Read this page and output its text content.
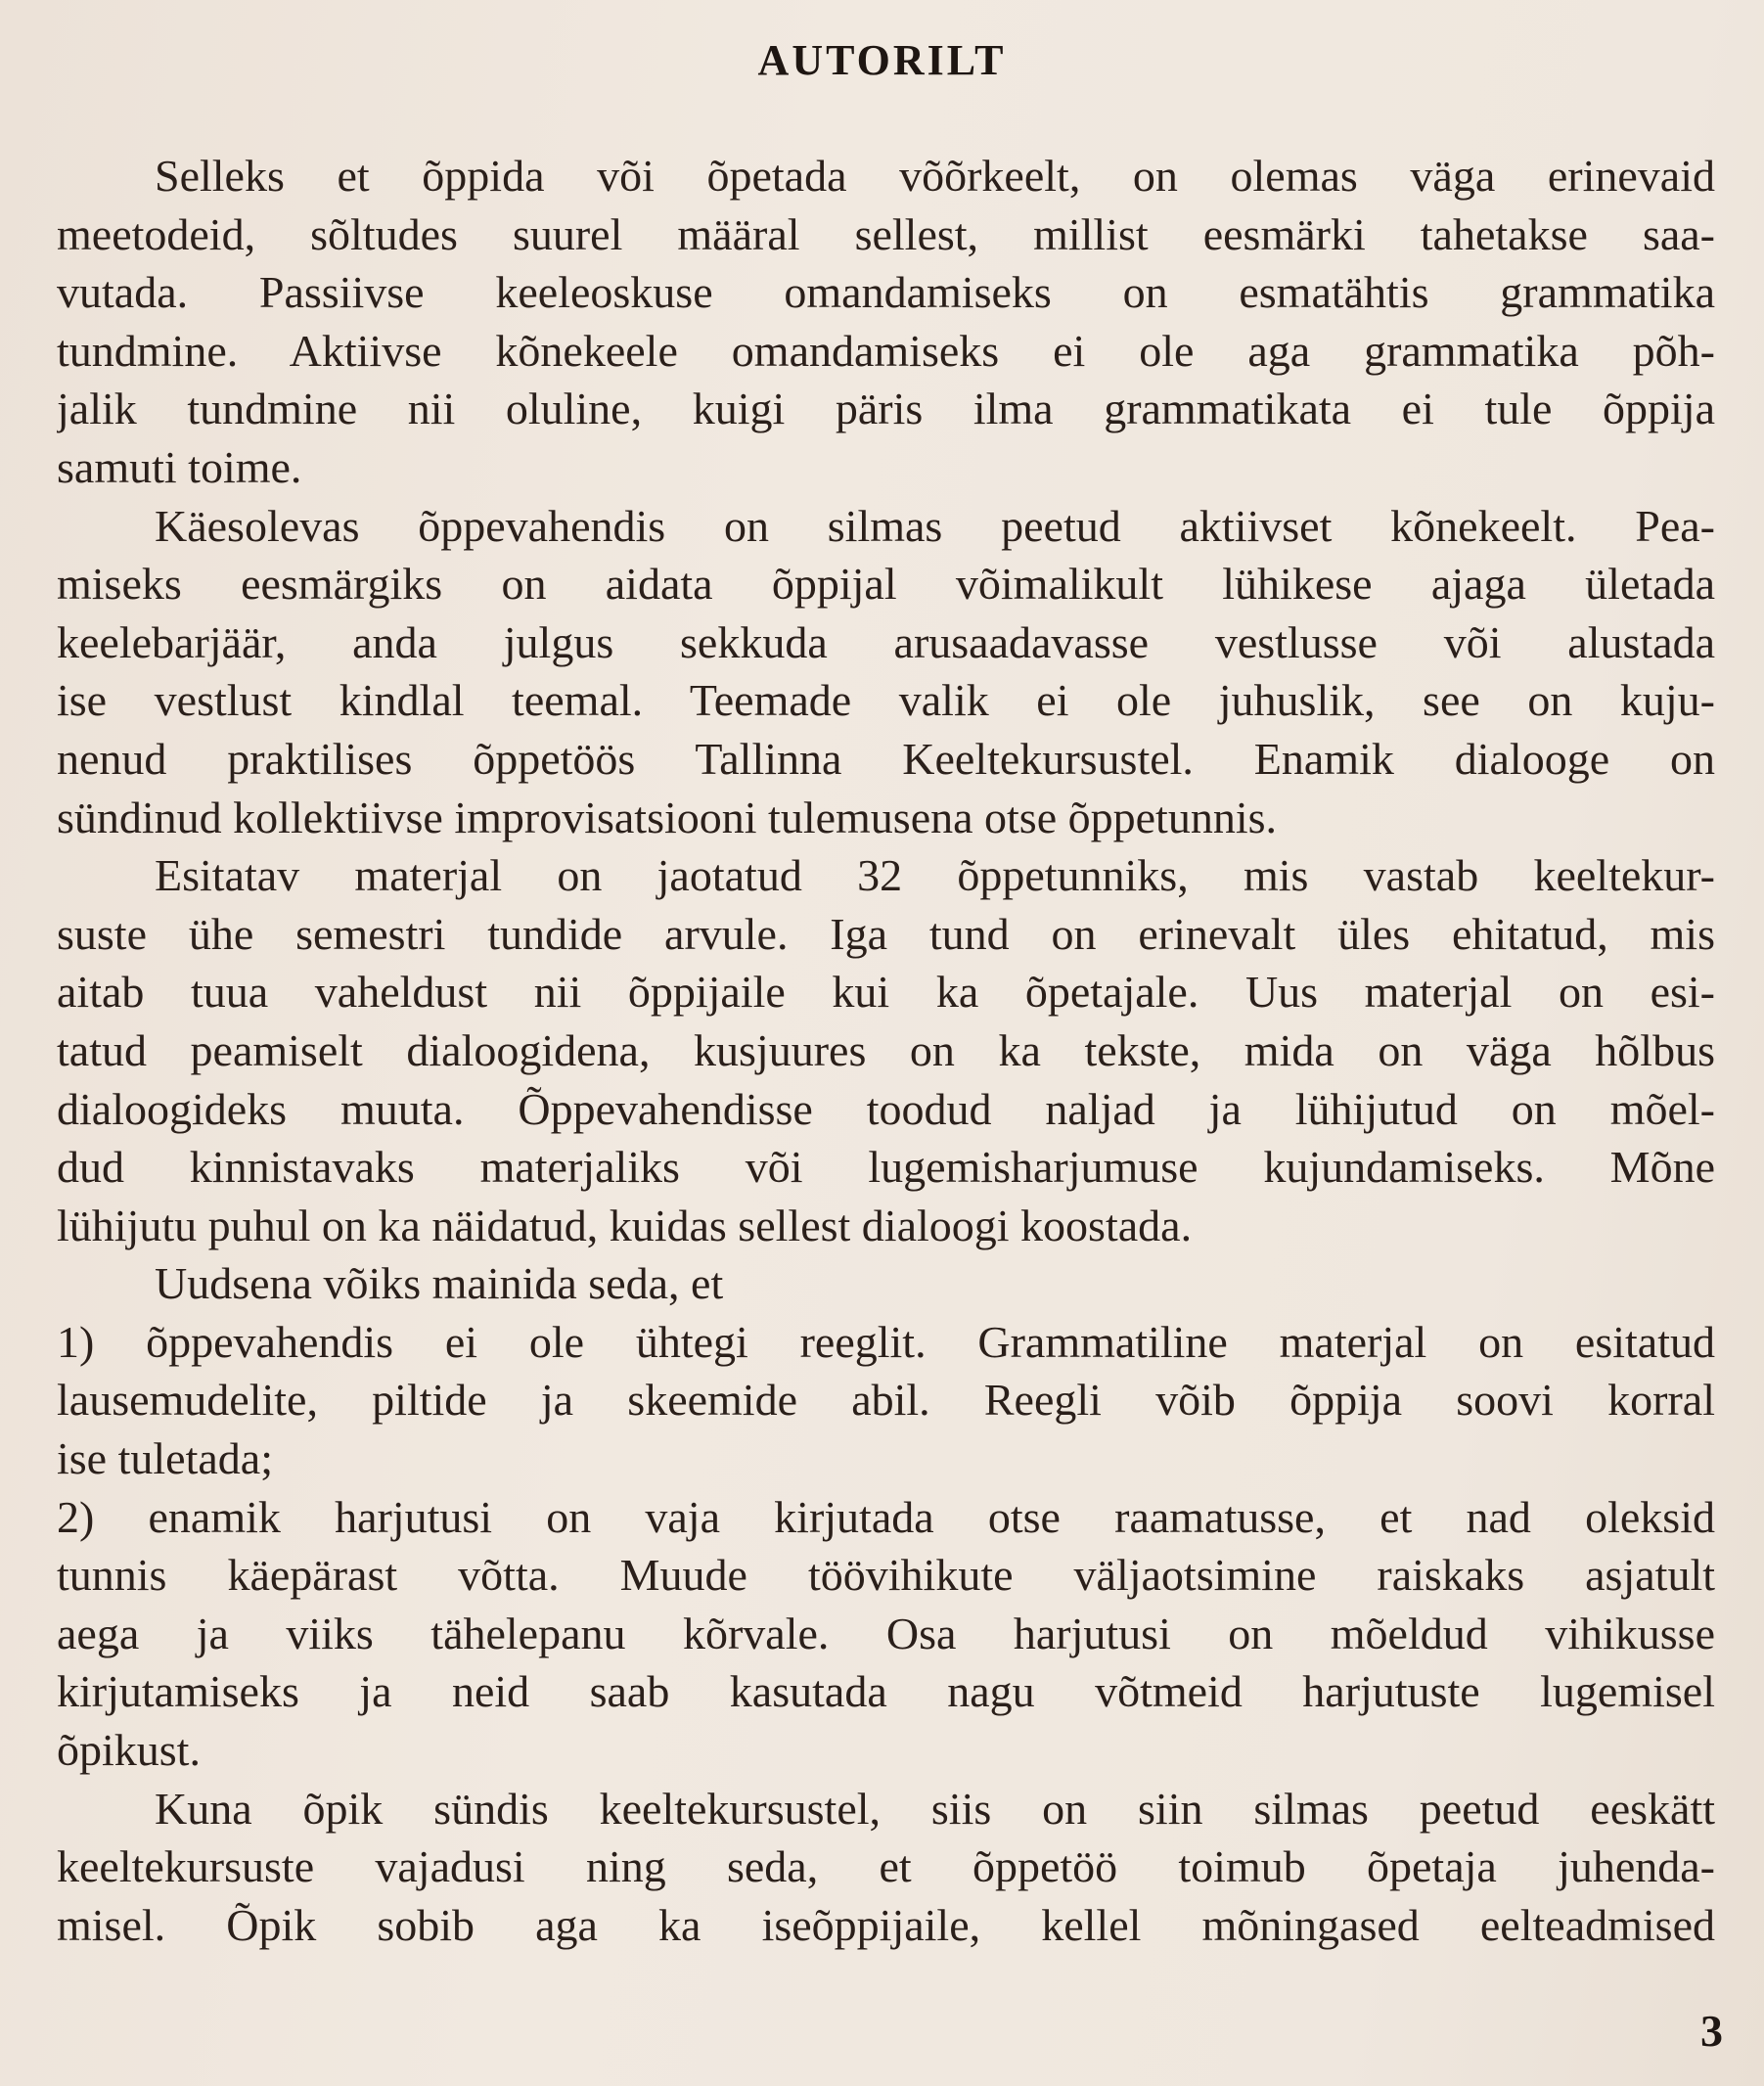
AUTORILT
Selleks et õppida või õpetada võõrkeelt, on olemas väga erinevaid
meetodeid, sõltudes suurel määral sellest, millist eesmärki tahetakse saa-
vutada. Passiivse keeleoskuse omandamiseks on esmatähtis grammatika
tundmine. Aktiivse kõnekeele omandamiseks ei ole aga grammatika põh-
jalik tundmine nii oluline, kuigi päris ilma grammatikata ei tule õppija
samuti toime.
Käesolevas õppevahendis on silmas peetud aktiivset kõnekeelt. Pea-
miseks eesmärgiks on aidata õppijal võimalikult lühikese ajaga ületada
keelebarjäär, anda julgus sekkuda arusaadavasse vestlusse või alustada
ise vestlust kindlal teemal. Teemade valik ei ole juhuslik, see on kuju-
nenud praktilises õppetöös Tallinna Keeltekursustel. Enamik dialooge on
sündinud kollektiivse improvisatsiooni tulemusena otse õppetunnis.
Esitatav materjal on jaotatud 32 õppetunniks, mis vastab keeltekur-
suste ühe semestri tundide arvule. Iga tund on erinevalt üles ehitatud, mis
aitab tuua vaheldust nii õppijaile kui ka õpetajale. Uus materjal on esi-
tatud peamiselt dialoogidena, kusjuures on ka tekste, mida on väga hõlbus
dialoogideks muuta. Õppevahendisse toodud naljad ja lühijutud on mõel-
dud kinnistavaks materjaliks või lugemisharjumuse kujundamiseks. Mõne
lühijutu puhul on ka näidatud, kuidas sellest dialoogi koostada.
Uudsena võiks mainida seda, et
1) õppevahendis ei ole ühtegi reeglit. Grammatiline materjal on esitatud
lausemudelite, piltide ja skeemide abil. Reegli võib õppija soovi korral
ise tuletada;
2) enamik harjutusi on vaja kirjutada otse raamatusse, et nad oleksid
tunnis käepärast võtta. Muude töövihikute väljaotsimine raiskaks asjatult
aega ja viiks tähelepanu kõrvale. Osa harjutusi on mõeldud vihikusse
kirjutamiseks ja neid saab kasutada nagu võtmeid harjutuste lugemisel
õpikust.
Kuna õpik sündis keeltekursustel, siis on siin silmas peetud eeskätt
keeltekursuste vajadusi ning seda, et õppetöö toimub õpetaja juhenda-
misel. Õpik sobib aga ka iseõppijaile, kellel mõningased eelteadmised
3
